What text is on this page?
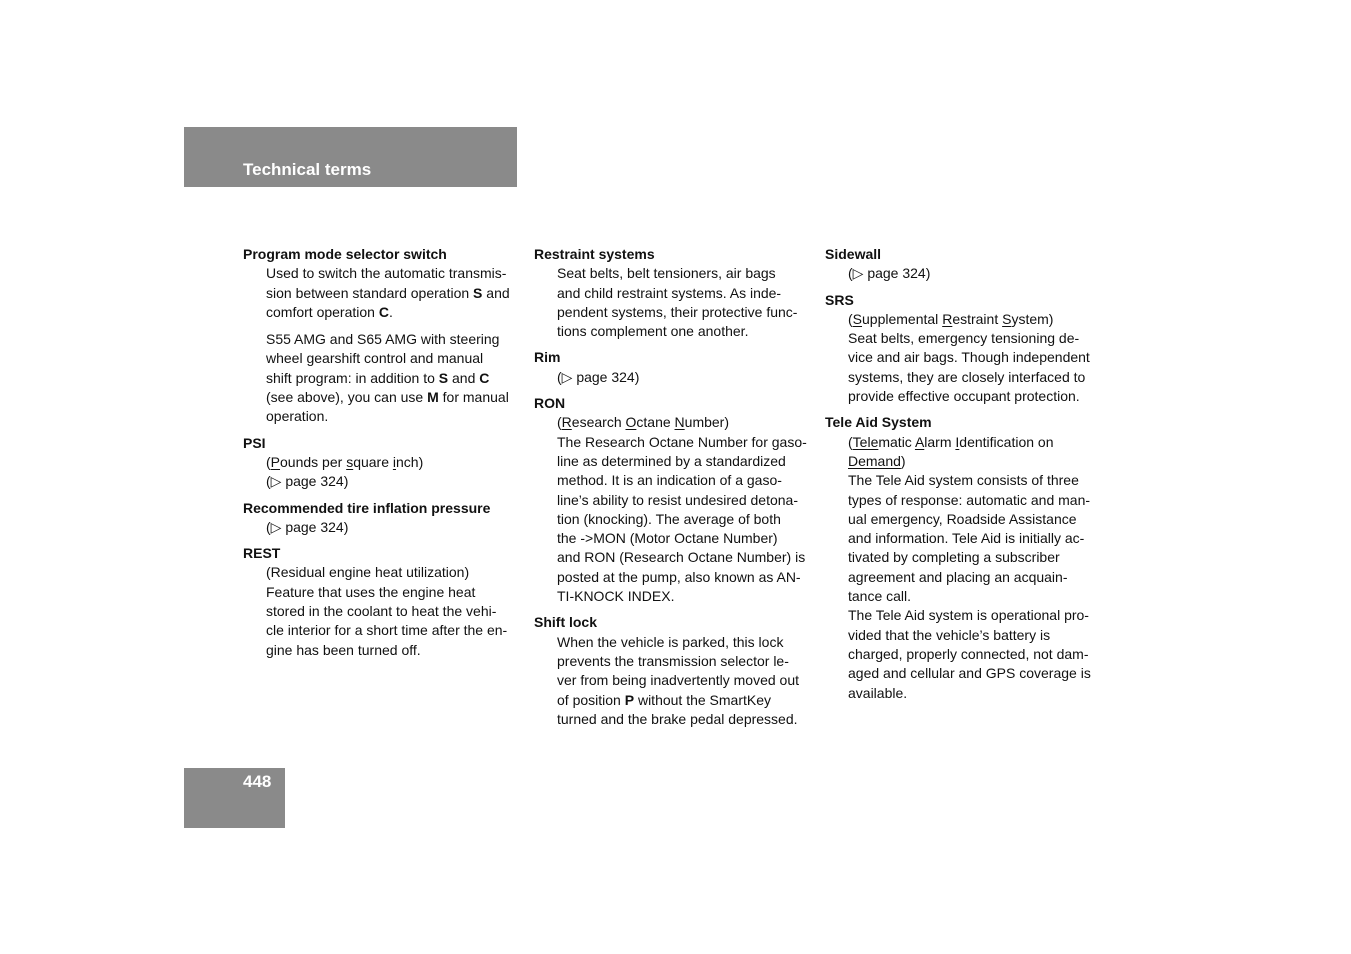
Technical terms
Program mode selector switch
Used to switch the automatic transmis-
sion between standard operation S and
comfort operation C.
S55 AMG and S65 AMG with steering
wheel gearshift control and manual
shift program: in addition to S and C
(see above), you can use M for manual
operation.
PSI
(Pounds per square inch)
(▷ page 324)
Recommended tire inflation pressure
(▷ page 324)
REST
(Residual engine heat utilization)
Feature that uses the engine heat
stored in the coolant to heat the vehi-
cle interior for a short time after the en-
gine has been turned off.
Restraint systems
Seat belts, belt tensioners, air bags
and child restraint systems. As inde-
pendent systems, their protective func-
tions complement one another.
Rim
(▷ page 324)
RON
(Research Octane Number)
The Research Octane Number for gaso-
line as determined by a standardized
method. It is an indication of a gaso-
line’s ability to resist undesired detona-
tion (knocking). The average of both
the ->MON (Motor Octane Number)
and RON (Research Octane Number) is
posted at the pump, also known as AN-
TI-KNOCK INDEX.
Shift lock
When the vehicle is parked, this lock
prevents the transmission selector le-
ver from being inadvertently moved out
of position P without the SmartKey
turned and the brake pedal depressed.
Sidewall
(▷ page 324)
SRS
(Supplemental Restraint System)
Seat belts, emergency tensioning de-
vice and air bags. Though independent
systems, they are closely interfaced to
provide effective occupant protection.
Tele Aid System
(Telematic Alarm Identification on
Demand)
The Tele Aid system consists of three
types of response: automatic and man-
ual emergency, Roadside Assistance
and information. Tele Aid is initially ac-
tivated by completing a subscriber
agreement and placing an acquain-
tance call.
The Tele Aid system is operational pro-
vided that the vehicle’s battery is
charged, properly connected, not dam-
aged and cellular and GPS coverage is
available.
448
